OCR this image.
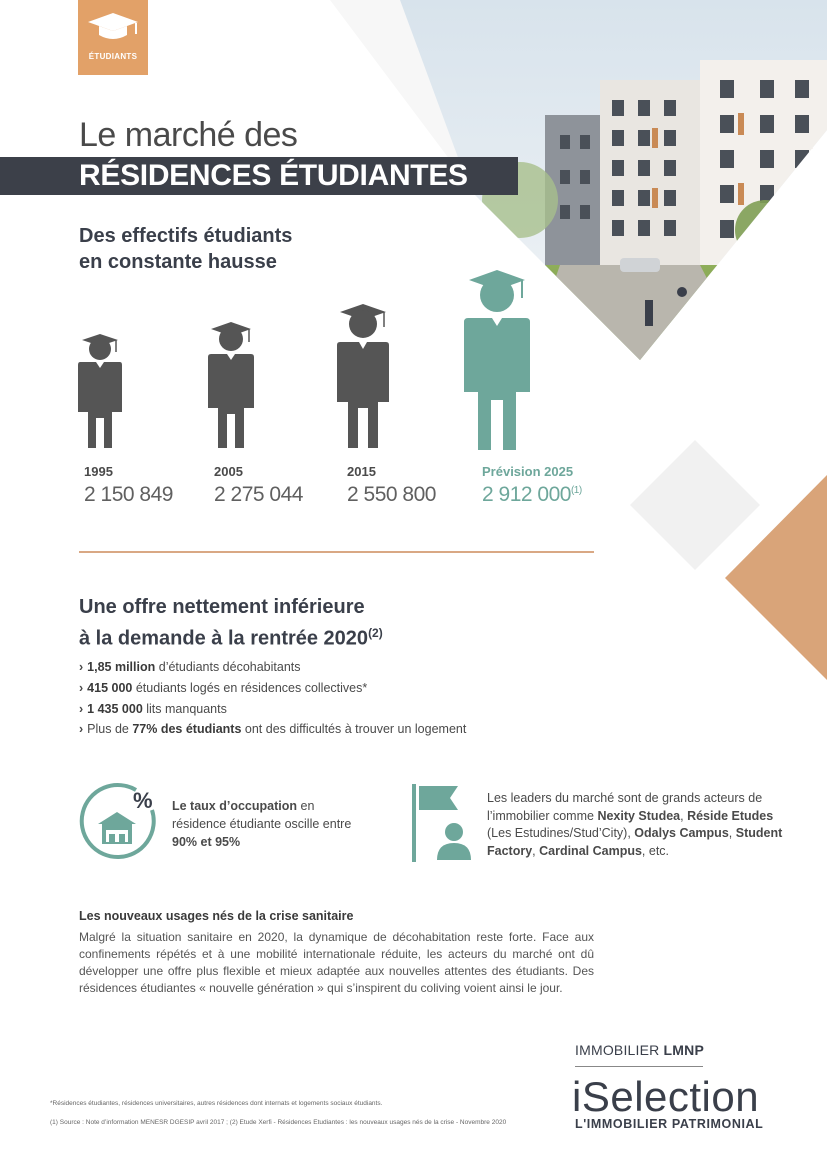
ÉTUDIANTS
Le marché des
RÉSIDENCES ÉTUDIANTES
Des effectifs étudiants
en constante hausse
1995
2 150 849
2005
2 275 044
2015
2 550 800
Prévision 2025
2 912 000$^{(1)}$
Une offre nettement inférieure
à la demande à la rentrée 2020$^{(2)}$
› 1,85 million d’étudiants décohabitants
› 415 000 étudiants logés en résidences collectives*
› 1 435 000 lits manquants
› Plus de 77% des étudiants ont des difficultés à trouver un logement
% Le taux d’occupation en résidence étudiante oscille entre 90% et 95%
Les leaders du marché sont de grands acteurs de l’immobilier comme Nexity Studea, Réside Etudes (Les Estudines/Stud’City), Odalys Campus, Student Factory, Cardinal Campus, etc.
Les nouveaux usages nés de la crise sanitaire
Malgré la situation sanitaire en 2020, la dynamique de décohabitation reste forte. Face aux confinements répétés et à une mobilité internationale réduite, les acteurs du marché ont dû développer une offre plus flexible et mieux adaptée aux nouvelles attentes des étudiants. Des résidences étudiantes « nouvelle génération » qui s’inspirent du coliving voient ainsi le jour.
*Résidences étudiantes, résidences universitaires, autres résidences dont internats et logements sociaux étudiants.
(1) Source : Note d’information MENESR DGESIP avril 2017 ; (2) Etude Xerfi - Résidences Etudiantes : les nouveaux usages nés de la crise - Novembre 2020
IMMOBILIER LMNP
iSelection
L'IMMOBILIER PATRIMONIAL
